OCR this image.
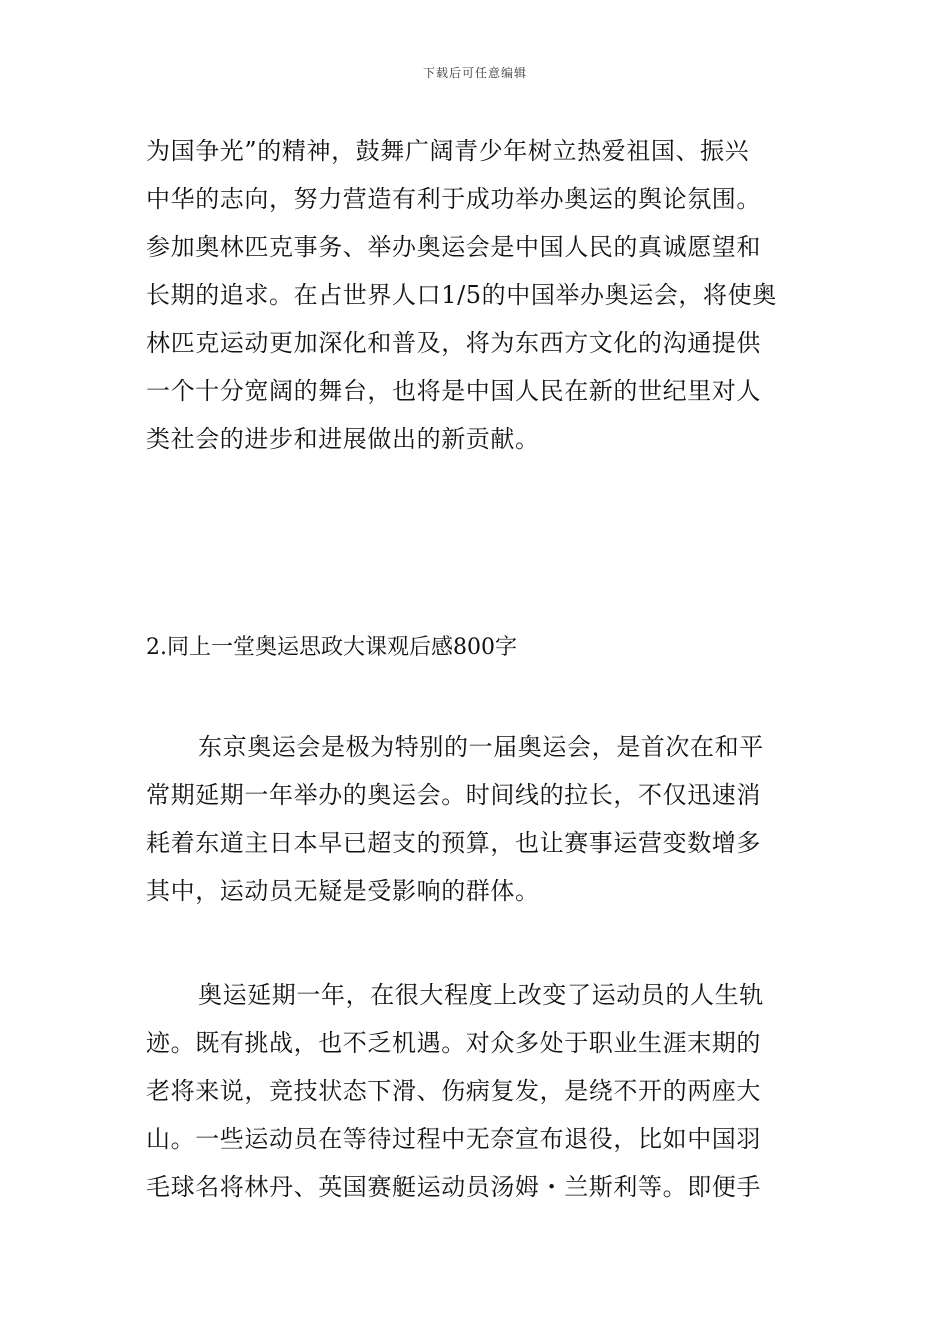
下载后可任意编辑
为国争光”的精神，鼓舞广阔青少年树立热爱祖国、振兴
中华的志向，努力营造有利于成功举办奥运的舆论氛围。
参加奥林匹克事务、举办奥运会是中国人民的真诚愿望和
长期的追求。在占世界人口1/5的中国举办奥运会，将使奥
林匹克运动更加深化和普及，将为东西方文化的沟通提供
一个十分宽阔的舞台，也将是中国人民在新的世纪里对人
类社会的进步和进展做出的新贡献。
2.同上一堂奥运思政大课观后感800字
东京奥运会是极为特别的一届奥运会，是首次在和平
常期延期一年举办的奥运会。时间线的拉长，不仅迅速消
耗着东道主日本早已超支的预算，也让赛事运营变数增多
其中，运动员无疑是受影响的群体。
奥运延期一年，在很大程度上改变了运动员的人生轨
迹。既有挑战，也不乏机遇。对众多处于职业生涯末期的
老将来说，竞技状态下滑、伤病复发，是绕不开的两座大
山。一些运动员在等待过程中无奈宣布退役，比如中国羽
毛球名将林丹、英国赛艇运动员汤姆・兰斯利等。即便手
